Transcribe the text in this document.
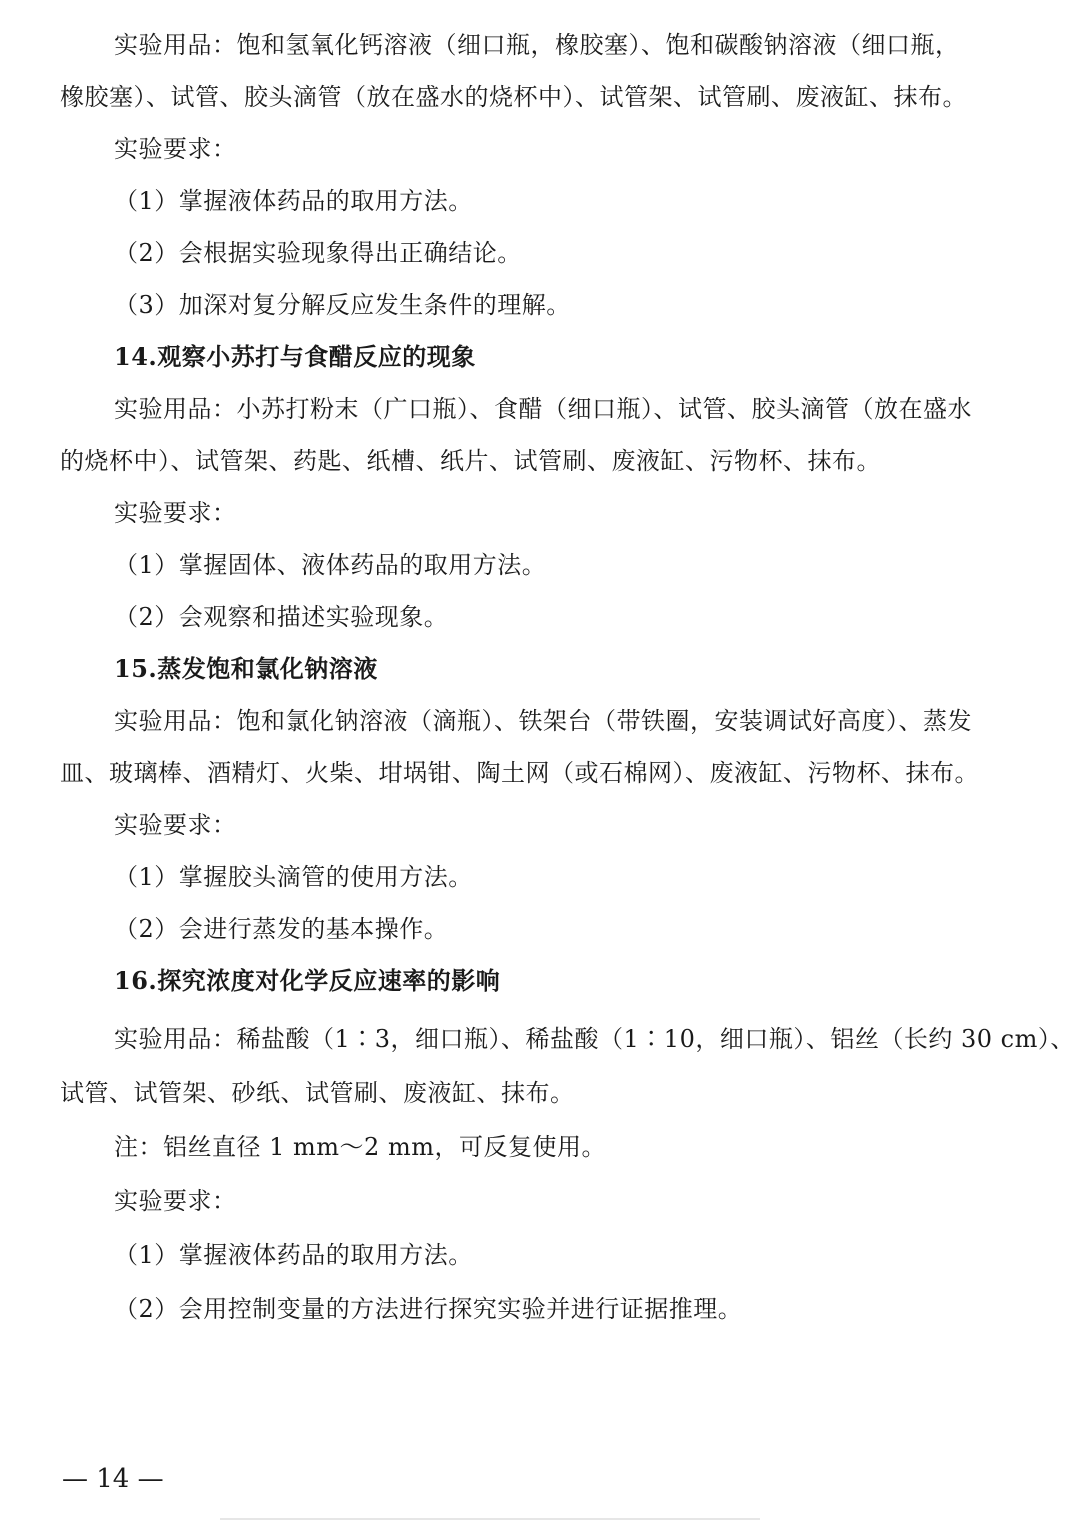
实验用品：饱和氢氧化钙溶液（细口瓶，橡胶塞）、饱和碳酸钠溶液（细口瓶，
橡胶塞）、试管、胶头滴管（放在盛水的烧杯中）、试管架、试管刷、废液缸、抹布。
实验要求：
（1）掌握液体药品的取用方法。
（2）会根据实验现象得出正确结论。
（3）加深对复分解反应发生条件的理解。
14.观察小苏打与食醋反应的现象
实验用品：小苏打粉末（广口瓶）、食醋（细口瓶）、试管、胶头滴管（放在盛水
的烧杯中）、试管架、药匙、纸槽、纸片、试管刷、废液缸、污物杯、抹布。
实验要求：
（1）掌握固体、液体药品的取用方法。
（2）会观察和描述实验现象。
15.蒸发饱和氯化钠溶液
实验用品：饱和氯化钠溶液（滴瓶）、铁架台（带铁圈，安装调试好高度）、蒸发
皿、玻璃棒、酒精灯、火柴、坩埚钳、陶土网（或石棉网）、废液缸、污物杯、抹布。
实验要求：
（1）掌握胶头滴管的使用方法。
（2）会进行蒸发的基本操作。
16.探究浓度对化学反应速率的影响
实验用品：稀盐酸（1∶3，细口瓶）、稀盐酸（1∶10，细口瓶）、铝丝（长约 30 cm）、
试管、试管架、砂纸、试管刷、废液缸、抹布。
注：铝丝直径 1 mm～2 mm，可反复使用。
实验要求：
（1）掌握液体药品的取用方法。
（2）会用控制变量的方法进行探究实验并进行证据推理。
— 14 —
